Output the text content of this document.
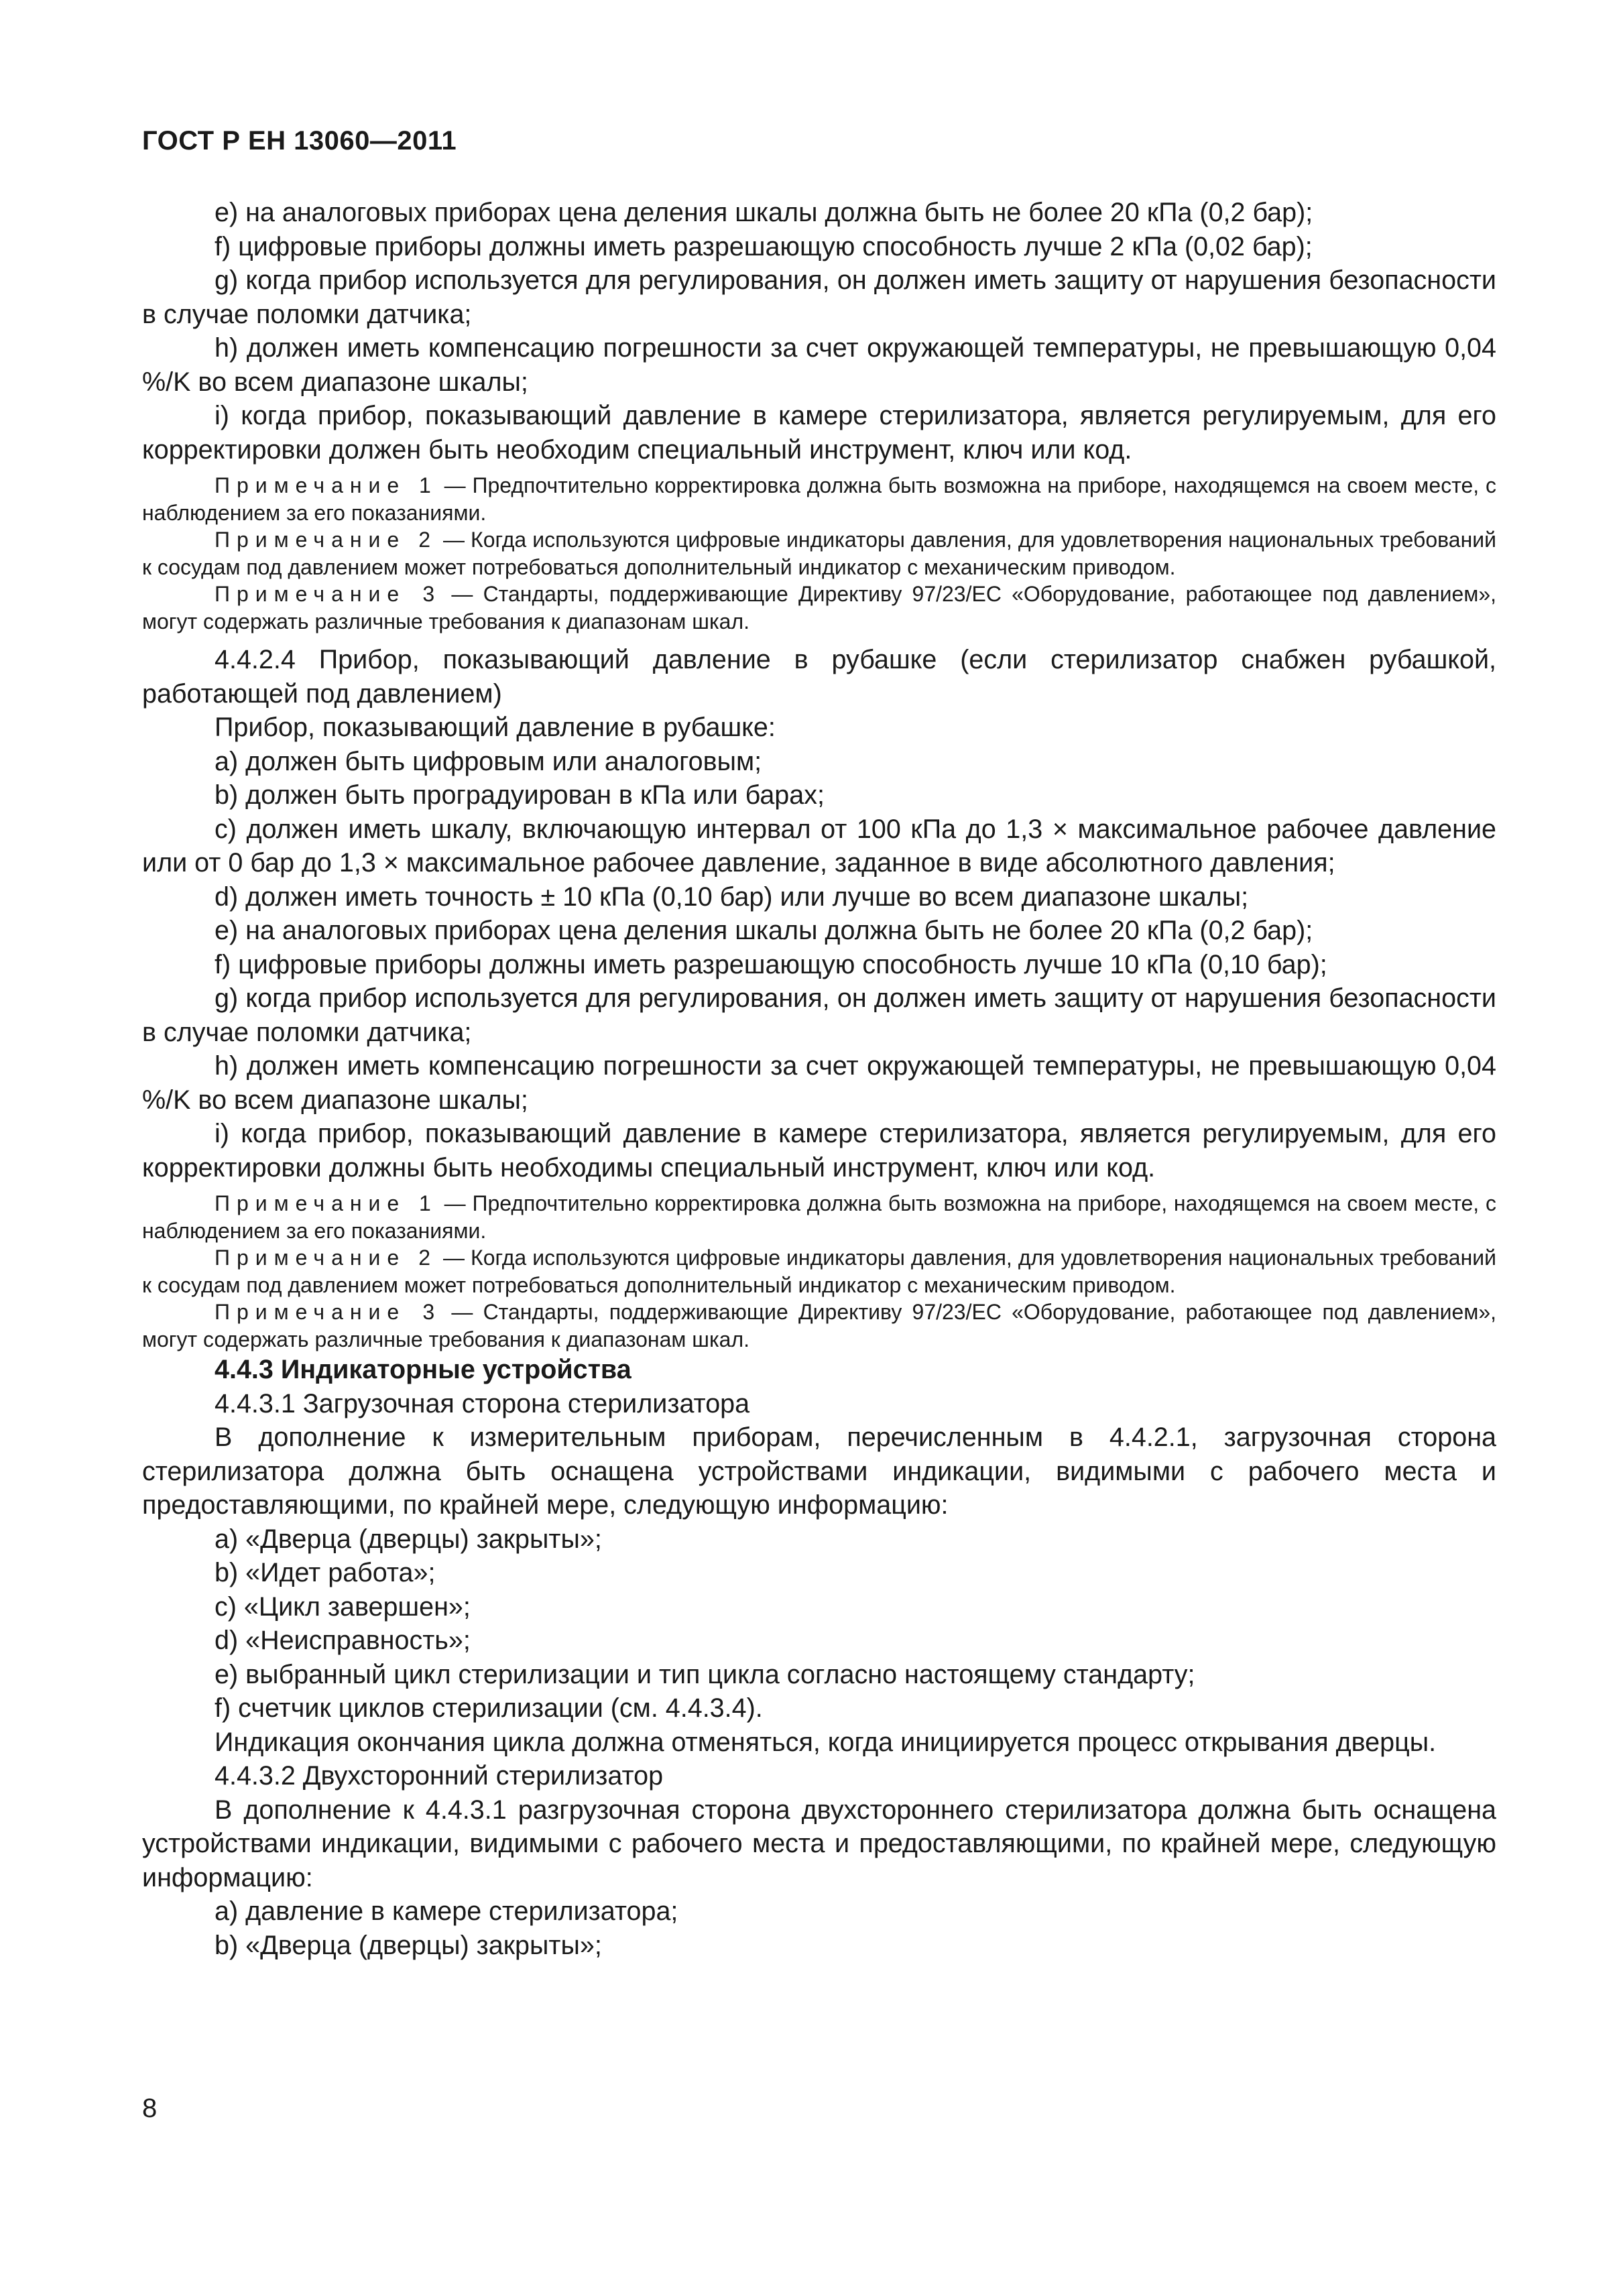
ГОСТ Р ЕН 13060—2011

e) на аналоговых приборах цена деления шкалы должна быть не более 20 кПа (0,2 бар);

f) цифровые приборы должны иметь разрешающую способность лучше 2 кПа (0,02 бар);

g) когда прибор используется для регулирования, он должен иметь защиту от нарушения безопасности в случае поломки датчика;

h) должен иметь компенсацию погрешности за счет окружающей температуры, не превышающую 0,04 %/K во всем диапазоне шкалы;

i) когда прибор, показывающий давление в камере стерилизатора, является регулируемым, для его корректировки должен быть необходим специальный инструмент, ключ или код.

Примечание 1 — Предпочтительно корректировка должна быть возможна на приборе, находящемся на своем месте, с наблюдением за его показаниями.

Примечание 2 — Когда используются цифровые индикаторы давления, для удовлетворения национальных требований к сосудам под давлением может потребоваться дополнительный индикатор с механическим приводом.

Примечание 3 — Стандарты, поддерживающие Директиву 97/23/ЕС «Оборудование, работающее под давлением», могут содержать различные требования к диапазонам шкал.

4.4.2.4 Прибор, показывающий давление в рубашке (если стерилизатор снабжен рубашкой, работающей под давлением)

Прибор, показывающий давление в рубашке:

a) должен быть цифровым или аналоговым;

b) должен быть проградуирован в кПа или барах;

c) должен иметь шкалу, включающую интервал от 100 кПа до 1,3 × максимальное рабочее давление или от 0 бар до 1,3 × максимальное рабочее давление, заданное в виде абсолютного давления;

d) должен иметь точность ± 10 кПа (0,10 бар) или лучше во всем диапазоне шкалы;

e) на аналоговых приборах цена деления шкалы должна быть не более 20 кПа (0,2 бар);

f) цифровые приборы должны иметь разрешающую способность лучше 10 кПа (0,10 бар);

g) когда прибор используется для регулирования, он должен иметь защиту от нарушения безопасности в случае поломки датчика;

h) должен иметь компенсацию погрешности за счет окружающей температуры, не превышающую 0,04 %/K во всем диапазоне шкалы;

i) когда прибор, показывающий давление в камере стерилизатора, является регулируемым, для его корректировки должны быть необходимы специальный инструмент, ключ или код.

Примечание 1 — Предпочтительно корректировка должна быть возможна на приборе, находящемся на своем месте, с наблюдением за его показаниями.

Примечание 2 — Когда используются цифровые индикаторы давления, для удовлетворения национальных требований к сосудам под давлением может потребоваться дополнительный индикатор с механическим приводом.

Примечание 3 — Стандарты, поддерживающие Директиву 97/23/ЕС «Оборудование, работающее под давлением», могут содержать различные требования к диапазонам шкал.

4.4.3 Индикаторные устройства

4.4.3.1 Загрузочная сторона стерилизатора

В дополнение к измерительным приборам, перечисленным в 4.4.2.1, загрузочная сторона стерилизатора должна быть оснащена устройствами индикации, видимыми с рабочего места и предоставляющими, по крайней мере, следующую информацию:

a) «Дверца (дверцы) закрыты»;

b) «Идет работа»;

c) «Цикл завершен»;

d) «Неисправность»;

e) выбранный цикл стерилизации и тип цикла согласно настоящему стандарту;

f) счетчик циклов стерилизации (см. 4.4.3.4).

Индикация окончания цикла должна отменяться, когда инициируется процесс открывания дверцы.

4.4.3.2 Двухсторонний стерилизатор

В дополнение к 4.4.3.1 разгрузочная сторона двухстороннего стерилизатора должна быть оснащена устройствами индикации, видимыми с рабочего места и предоставляющими, по крайней мере, следующую информацию:

a) давление в камере стерилизатора;

b) «Дверца (дверцы) закрыты»;

8
